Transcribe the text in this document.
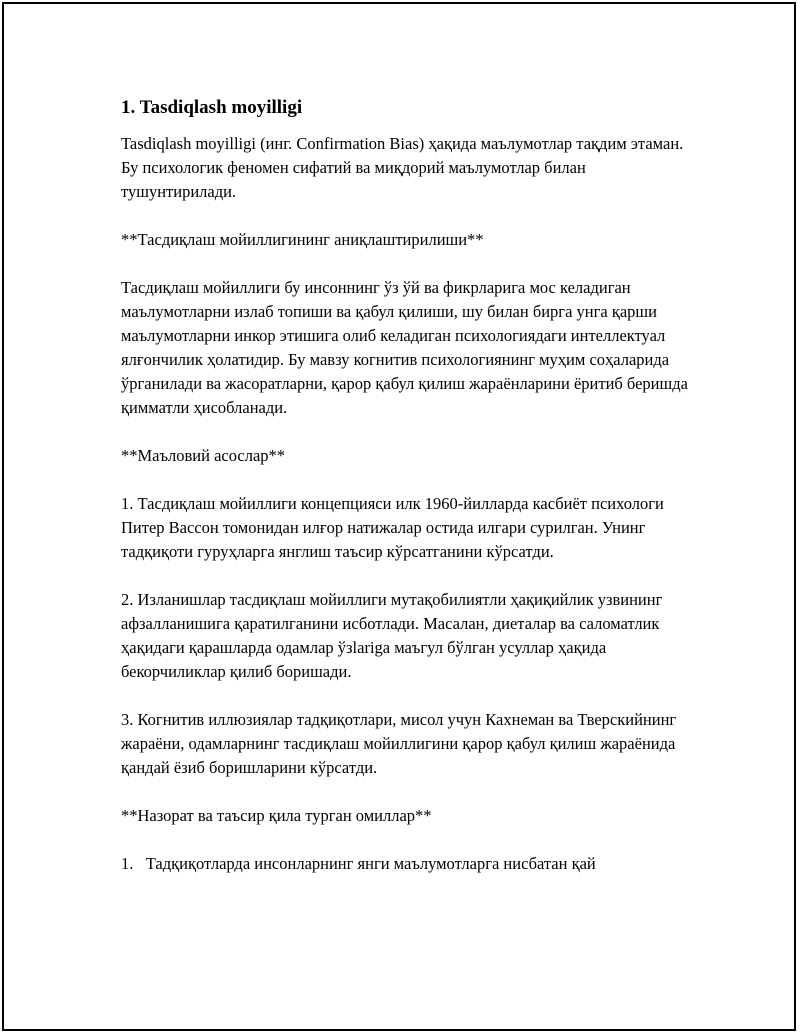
1. Tasdiqlash moyilligi
Tasdiqlash moyilligi (инг. Confirmation Bias) ҳақида маълумотлар тақдим этаман. Бу психологик феномен сифатий ва миқдорий маълумотлар билан тушунтирилади.
**Тасдиқлаш мойиллигининг аниқлаштирилиши**
Тасдиқлаш мойиллиги бу инсоннинг ўз ўй ва фикрларига мос келадиган маълумотларни излаб топиши ва қабул қилиши, шу билан бирга унга қарши маълумотларни инкор этишига олиб келадиган психологиядаги интеллектуал ялғончилик ҳолатидир. Бу мавзу когнитив психологиянинг муҳим соҳаларида ўрганилади ва жасоратларни, қарор қабул қилиш жараёнларини ёритиб беришда қимматли ҳисобланади.
**Маъловий асослар**
1. Тасдиқлаш мойиллиги концепцияси илк 1960-йилларда касбиёт психологи Питер Вассон томонидан илғор натижалар остида илгари сурилган. Унинг тадқиқоти гуруҳларга янглиш таъсир кўрсатганини кўрсатди.
2. Изланишлар тасдиқлаш мойиллиги мутақобилиятли ҳақиқийлик узвининг афзалланишига қаратилганини исботлади. Масалан, диеталар ва саломатлик ҳақидаги қарашларда одамлар ўзlariga маъгул бўлган усуллар ҳақида бекорчиликлар қилиб боришади.
3. Когнитив иллюзиялар тадқиқотлари, мисол учун Кахнеман ва Тверскийнинг жараёни, одамларнинг тасдиқлаш мойиллигини қарор қабул қилиш жараёнида қандай ёзиб боришларини кўрсатди.
**Назорат ва таъсир қила турган омиллар**
1.   Тадқиқотларда инсонларнинг янги маълумотларга нисбатан қай
